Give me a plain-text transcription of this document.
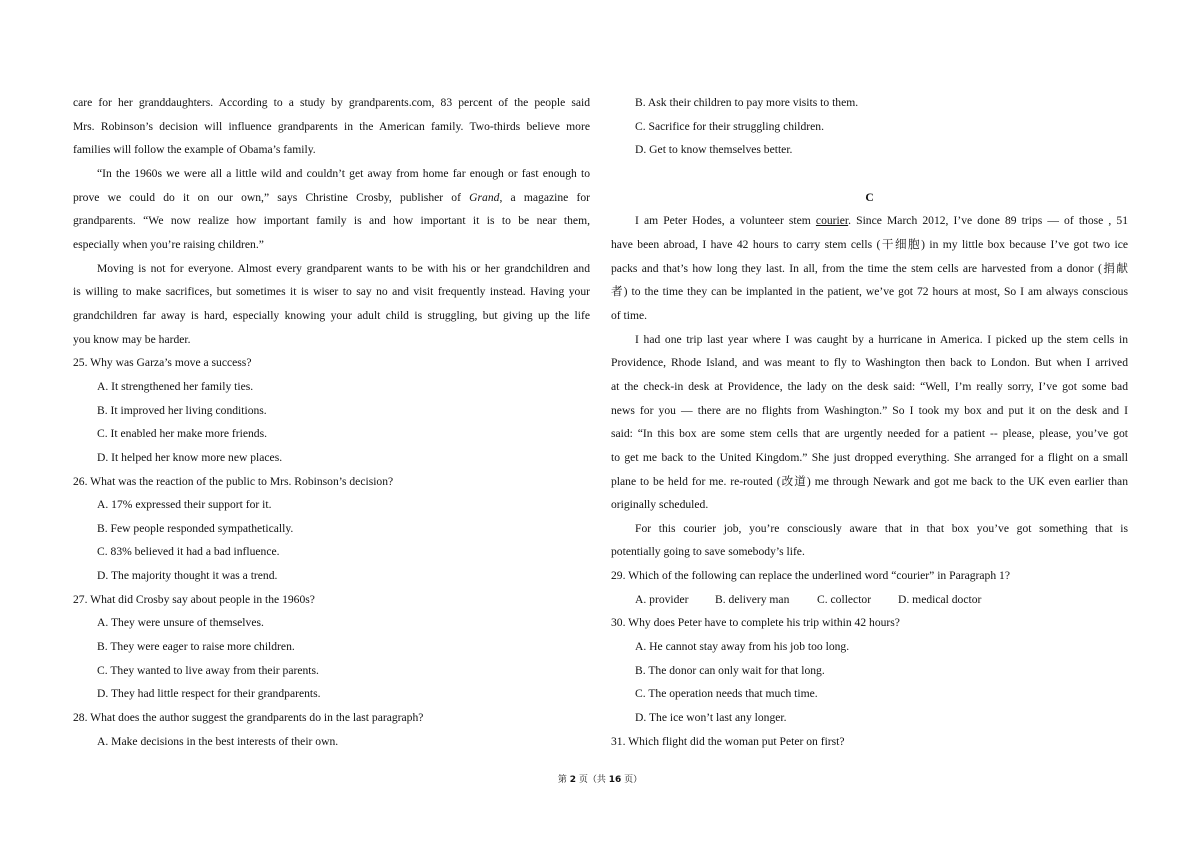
care for her granddaughters. According to a study by grandparents.com, 83 percent of the people said
Mrs. Robinson’s decision will influence grandparents in the American family. Two-thirds believe more
families will follow the example of Obama’s family.
“In the 1960s we were all a little wild and couldn’t get away from home far enough or fast enough to
prove we could do it on our own,” says Christine Crosby, publisher of Grand, a magazine for
grandparents. “We now realize how important family is and how important it is to be near them,
especially when you’re raising children.”
Moving is not for everyone. Almost every grandparent wants to be with his or her grandchildren and
is willing to make sacrifices, but sometimes it is wiser to say no and visit frequently instead. Having your
grandchildren far away is hard, especially knowing your adult child is struggling, but giving up the life
you know may be harder.
25. Why was Garza’s move a success?
A. It strengthened her family ties.
B. It improved her living conditions.
C. It enabled her make more friends.
D. It helped her know more new places.
26. What was the reaction of the public to Mrs. Robinson’s decision?
A. 17% expressed their support for it.
B. Few people responded sympathetically.
C. 83% believed it had a bad influence.
D. The majority thought it was a trend.
27. What did Crosby say about people in the 1960s?
A. They were unsure of themselves.
B. They were eager to raise more children.
C. They wanted to live away from their parents.
D. They had little respect for their grandparents.
28. What does the author suggest the grandparents do in the last paragraph?
A. Make decisions in the best interests of their own.
B. Ask their children to pay more visits to them.
C. Sacrifice for their struggling children.
D. Get to know themselves better.
C
I am Peter Hodes, a volunteer stem courier. Since March 2012, I’ve done 89 trips — of those , 51
have been abroad, I have 42 hours to carry stem cells (干细胞) in my little box because I’ve got two ice
packs and that’s how long they last. In all, from the time the stem cells are harvested from a donor (捐献
者) to the time they can be implanted in the patient, we’ve got 72 hours at most, So I am always conscious
of time.
I had one trip last year where I was caught by a hurricane in America. I picked up the stem cells in
Providence, Rhode Island, and was meant to fly to Washington then back to London. But when I arrived
at the check-in desk at Providence, the lady on the desk said: “Well, I’m really sorry, I’ve got some bad
news for you — there are no flights from Washington.” So I took my box and put it on the desk and I
said: “In this box are some stem cells that are urgently needed for a patient -- please, please, you’ve got
to get me back to the United Kingdom.” She just dropped everything. She arranged for a flight on a small
plane to be held for me. re-routed (改道) me through Newark and got me back to the UK even earlier than
originally scheduled.
For this courier job, you’re consciously aware that in that box you’ve got something that is
potentially going to save somebody’s life.
29. Which of the following can replace the underlined word “courier” in Paragraph 1?
A. provider B. delivery man C. collector D. medical doctor
30. Why does Peter have to complete his trip within 42 hours?
A. He cannot stay away from his job too long.
B. The donor can only wait for that long.
C. The operation needs that much time.
D. The ice won’t last any longer.
31. Which flight did the woman put Peter on first?
第 2 页（共 16 页）
